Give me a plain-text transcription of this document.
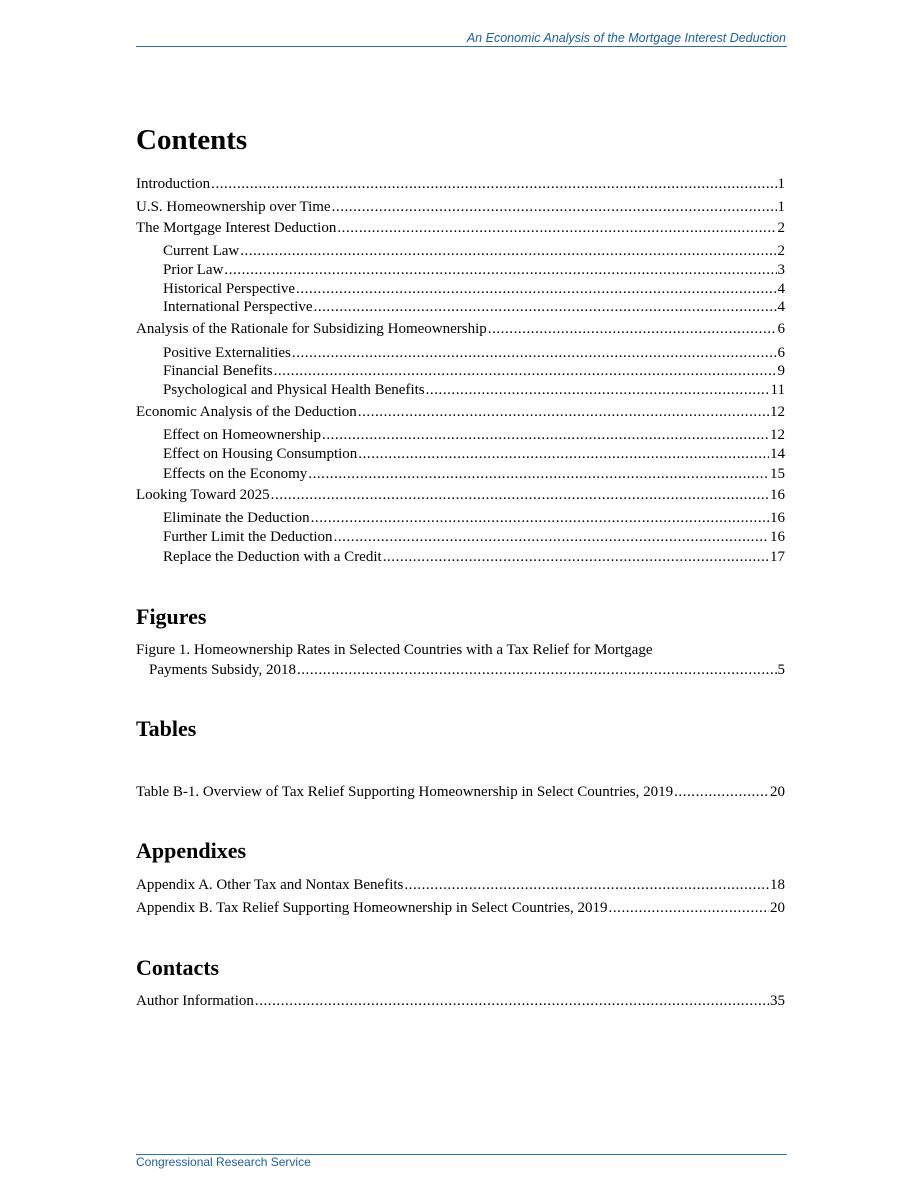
An Economic Analysis of the Mortgage Interest Deduction
Contents
Introduction . . .	1
U.S. Homeownership over Time . . .	1
The Mortgage Interest Deduction . . .	2
Current Law . . .	2
Prior Law . . .	3
Historical Perspective . . .	4
International Perspective . . .	4
Analysis of the Rationale for Subsidizing Homeownership . . .	6
Positive Externalities . . .	6
Financial Benefits . . .	9
Psychological and Physical Health Benefits . . .	11
Economic Analysis of the Deduction . . .	12
Effect on Homeownership . . .	12
Effect on Housing Consumption . . .	14
Effects on the Economy . . .	15
Looking Toward 2025 . . .	16
Eliminate the Deduction . . .	16
Further Limit the Deduction . . .	16
Replace the Deduction with a Credit . . .	17
Figures
Figure 1. Homeownership Rates in Selected Countries with a Tax Relief for Mortgage
Payments Subsidy, 2018 . . .	5
Tables
Table B-1. Overview of Tax Relief Supporting Homeownership in Select Countries, 2019 . . .	20
Appendixes
Appendix A. Other Tax and Nontax Benefits . . .	18
Appendix B. Tax Relief Supporting Homeownership in Select Countries, 2019 . . .	20
Contacts
Author Information . . .	35
Congressional Research Service
